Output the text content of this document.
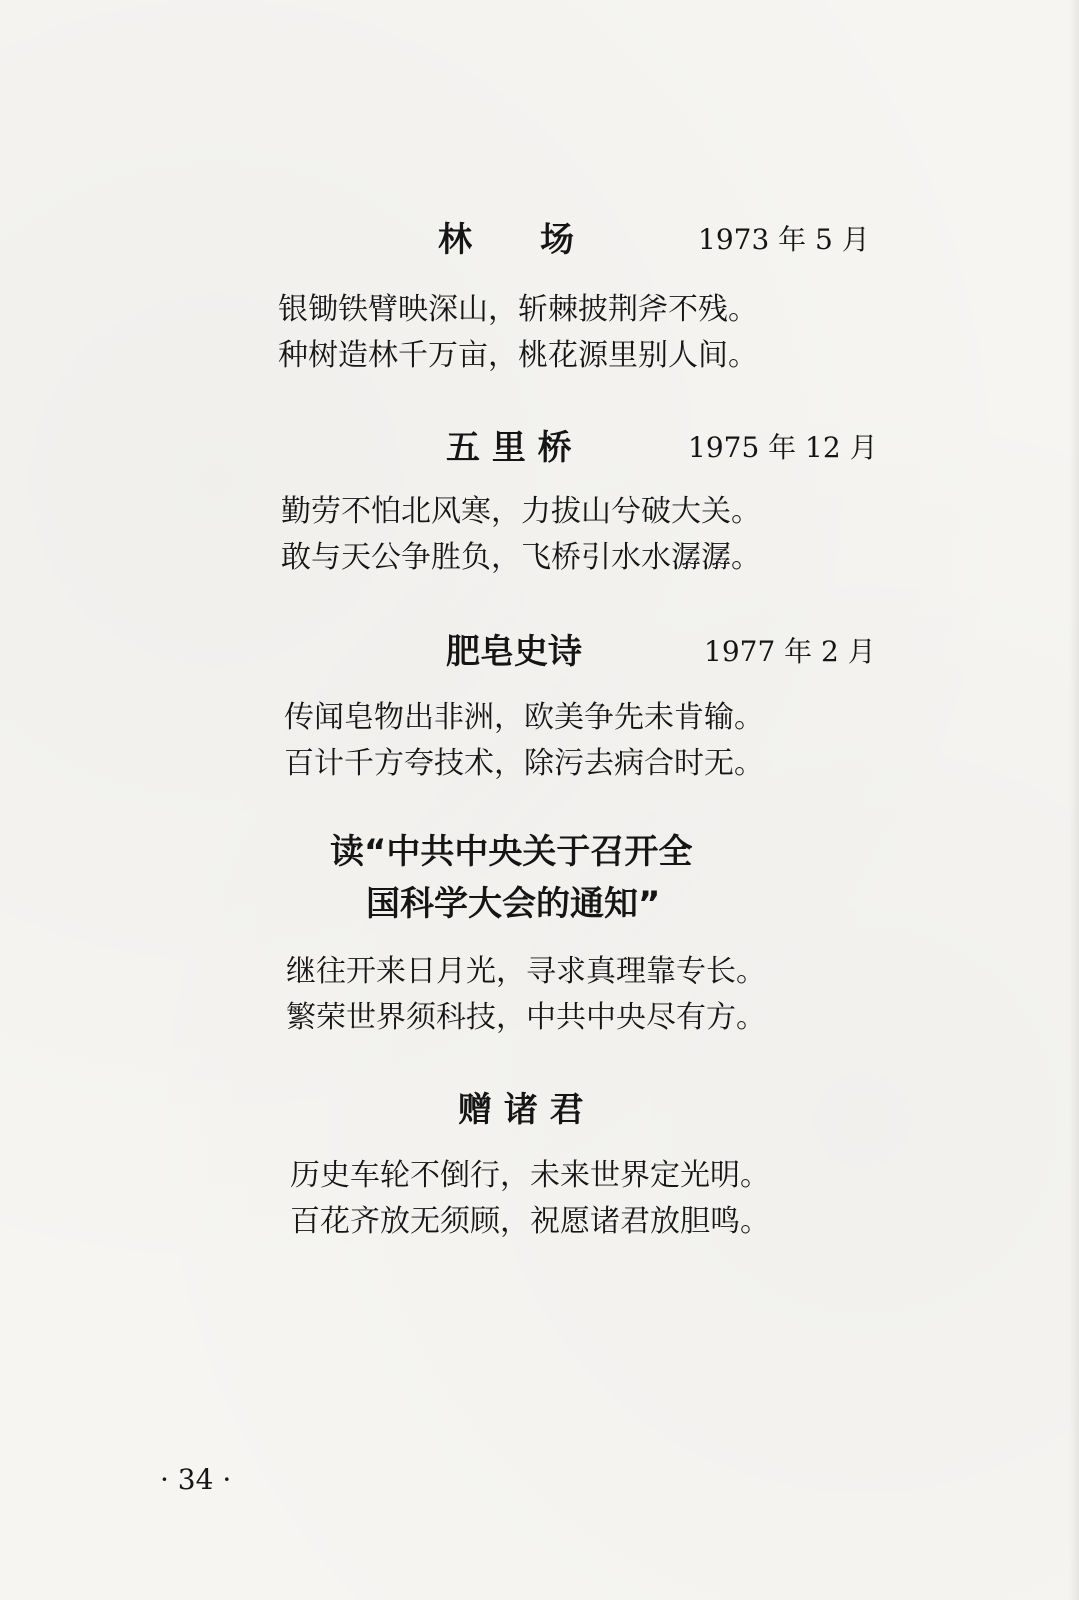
林　　场	1973 年 5 月
银锄铁臂映深山，斩棘披荆斧不残。
种树造林千万亩，桃花源里别人间。
五 里 桥	1975 年 12 月
勤劳不怕北风寒，力拔山兮破大关。
敢与天公争胜负，飞桥引水水潺潺。
肥皂史诗	1977 年 2 月
传闻皂物出非洲，欧美争先未肯输。
百计千方夸技术，除污去病合时无。
读“中共中央关于召开全
国科学大会的通知”
继往开来日月光，寻求真理靠专长。
繁荣世界须科技，中共中央尽有方。
赠 诸 君
历史车轮不倒行，未来世界定光明。
百花齐放无须顾，祝愿诸君放胆鸣。
· 34 ·
